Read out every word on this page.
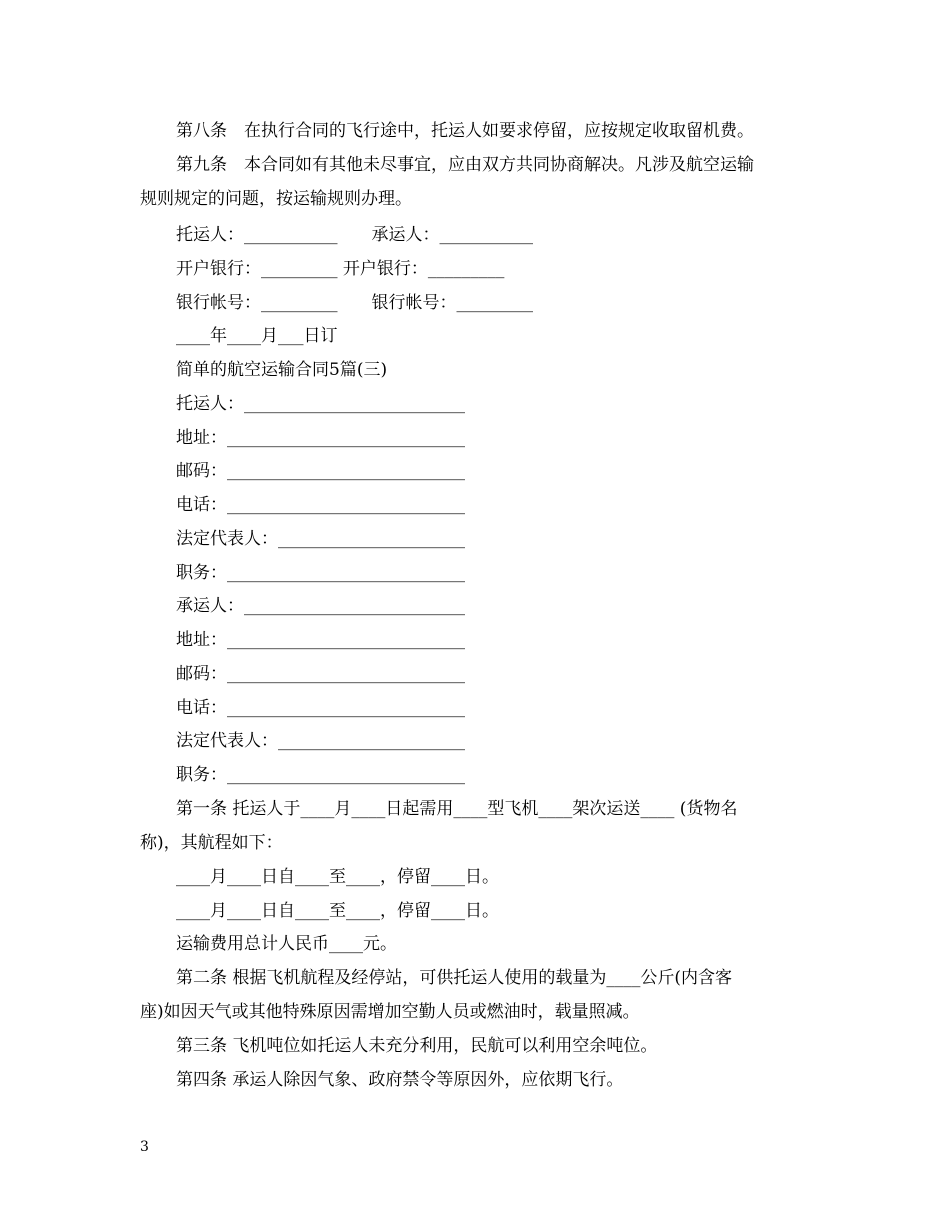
第八条　在执行合同的飞行途中，托运人如要求停留，应按规定收取留机费。
第九条　本合同如有其他未尽事宜，应由双方共同协商解决。凡涉及航空运输
规则规定的问题，按运输规则办理。
托运人：___________　　承运人：___________
开户银行：_________ 开户银行：_________
银行帐号：_________　　银行帐号：_________
____年____月___日订
简单的航空运输合同5篇(三)
托运人：__________________________
地址：____________________________
邮码：____________________________
电话：____________________________
法定代表人：______________________
职务：____________________________
承运人：__________________________
地址：____________________________
邮码：____________________________
电话：____________________________
法定代表人：______________________
职务：____________________________
第一条 托运人于____月____日起需用____型飞机____架次运送____ (货物名
称)，其航程如下：
____月____日自____至____，停留____日。
____月____日自____至____，停留____日。
运输费用总计人民币____元。
第二条 根据飞机航程及经停站，可供托运人使用的载量为____公斤(内含客
座)如因天气或其他特殊原因需增加空勤人员或燃油时，载量照减。
第三条 飞机吨位如托运人未充分利用，民航可以利用空余吨位。
第四条 承运人除因气象、政府禁令等原因外，应依期飞行。
3
